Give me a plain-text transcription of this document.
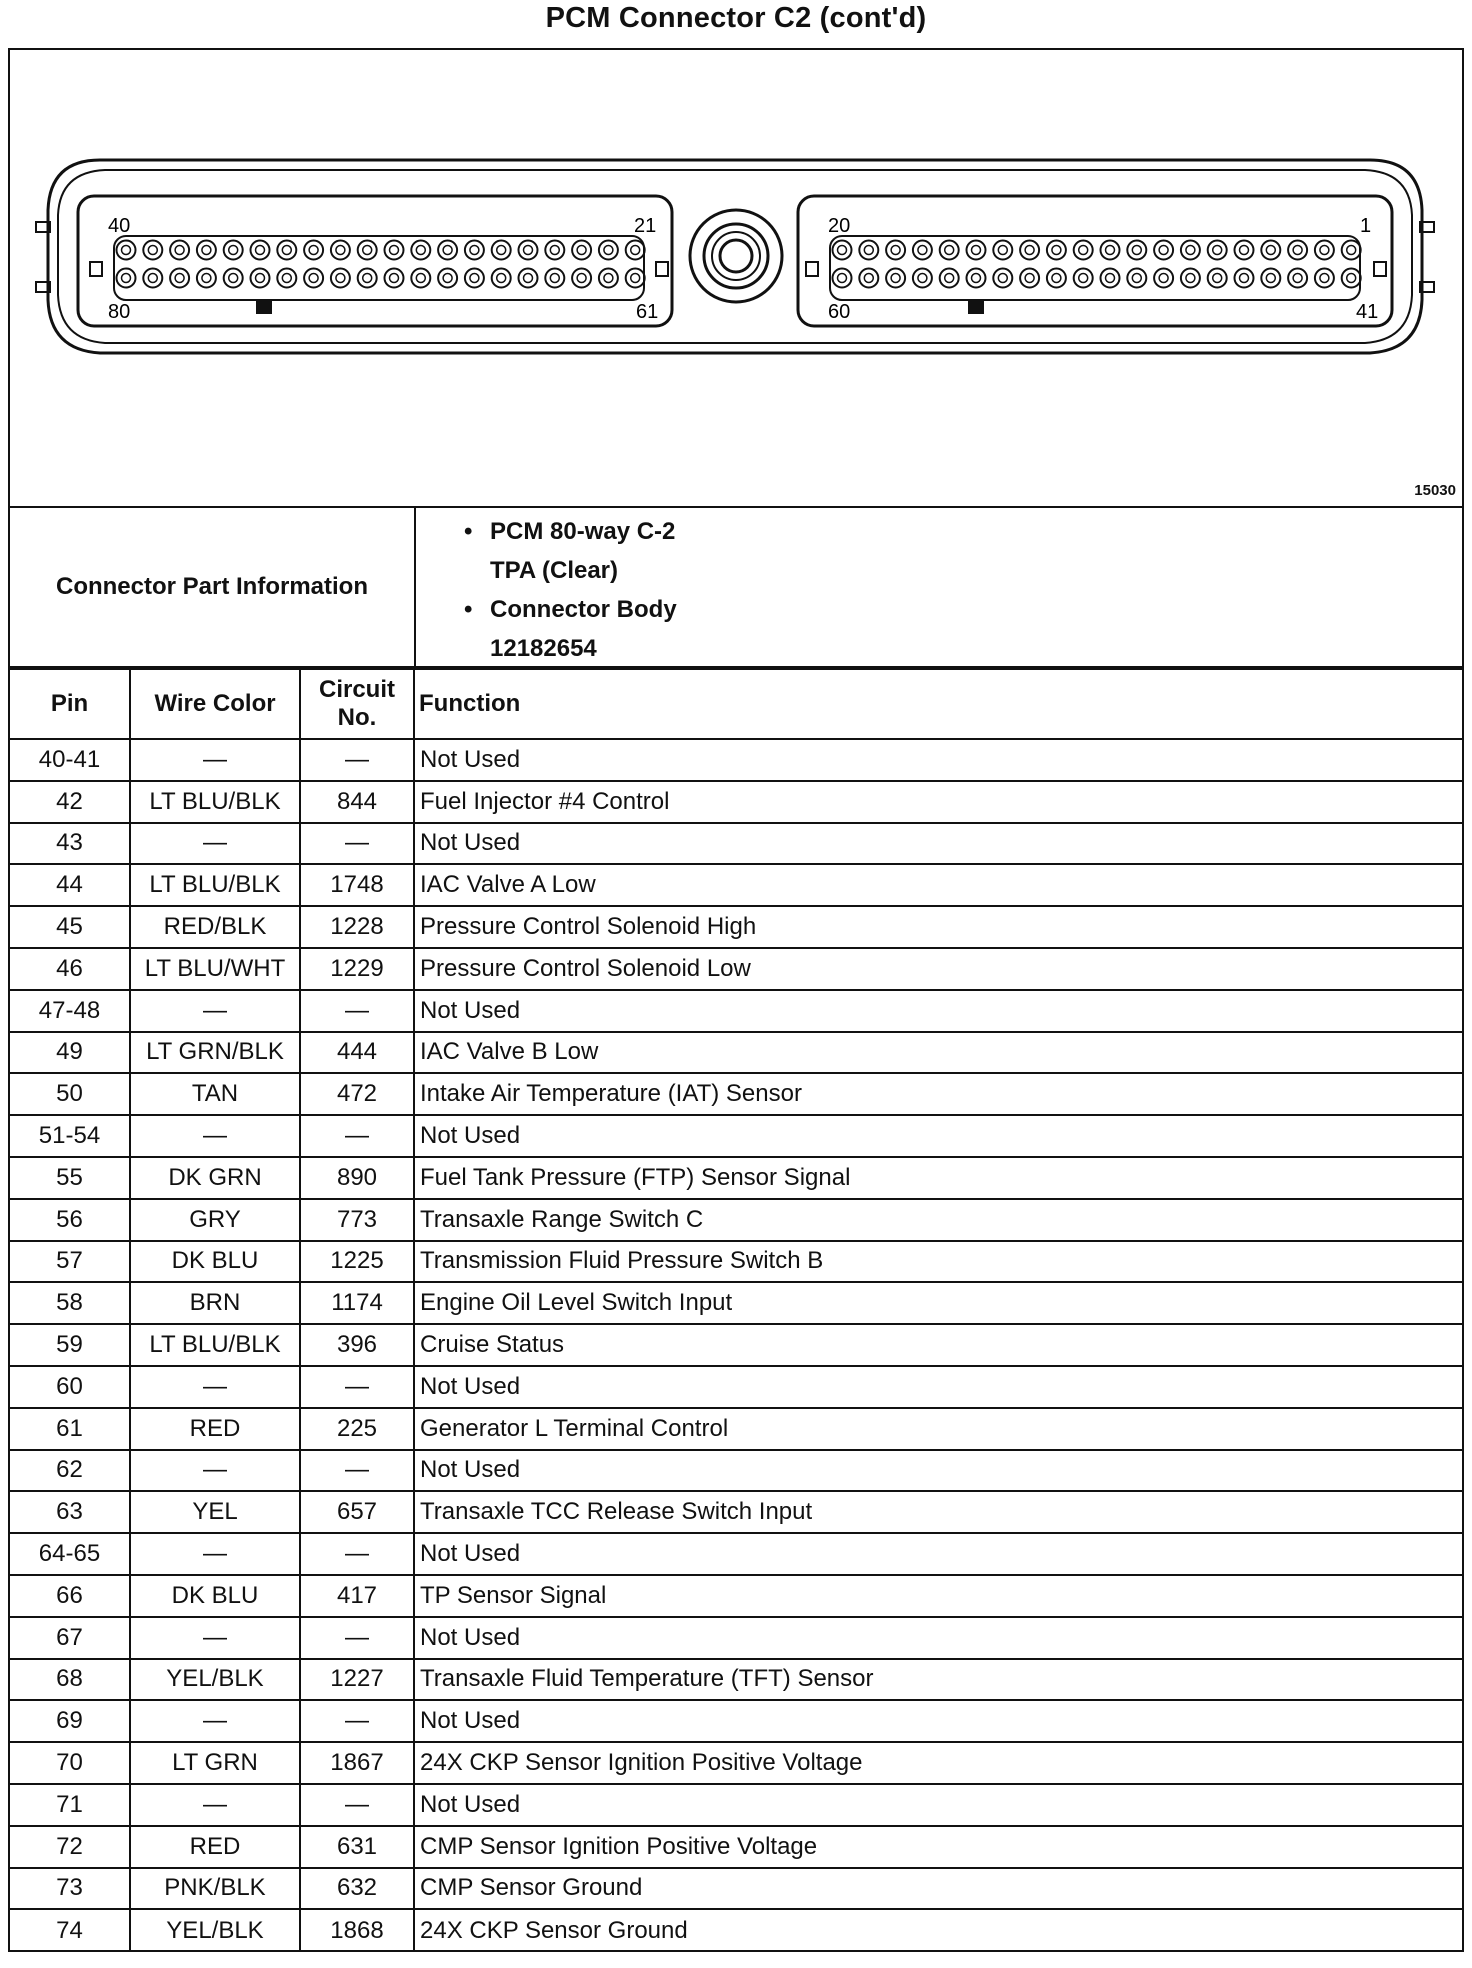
PCM Connector C2 (cont'd)
40	21
80	61
20	1
60	41
15030
Connector Part Information
• PCM 80-way C-2
TPA (Clear)
• Connector Body
12182654
Pin	Wire Color	Circuit
No.	Function
40-41	—	—	Not Used
42	LT BLU/BLK	844	Fuel Injector #4 Control
43	—	—	Not Used
44	LT BLU/BLK	1748	IAC Valve A Low
45	RED/BLK	1228	Pressure Control Solenoid High
46	LT BLU/WHT	1229	Pressure Control Solenoid Low
47-48	—	—	Not Used
49	LT GRN/BLK	444	IAC Valve B Low
50	TAN	472	Intake Air Temperature (IAT) Sensor
51-54	—	—	Not Used
55	DK GRN	890	Fuel Tank Pressure (FTP) Sensor Signal
56	GRY	773	Transaxle Range Switch C
57	DK BLU	1225	Transmission Fluid Pressure Switch B
58	BRN	1174	Engine Oil Level Switch Input
59	LT BLU/BLK	396	Cruise Status
60	—	—	Not Used
61	RED	225	Generator L Terminal Control
62	—	—	Not Used
63	YEL	657	Transaxle TCC Release Switch Input
64-65	—	—	Not Used
66	DK BLU	417	TP Sensor Signal
67	—	—	Not Used
68	YEL/BLK	1227	Transaxle Fluid Temperature (TFT) Sensor
69	—	—	Not Used
70	LT GRN	1867	24X CKP Sensor Ignition Positive Voltage
71	—	—	Not Used
72	RED	631	CMP Sensor Ignition Positive Voltage
73	PNK/BLK	632	CMP Sensor Ground
74	YEL/BLK	1868	24X CKP Sensor Ground
